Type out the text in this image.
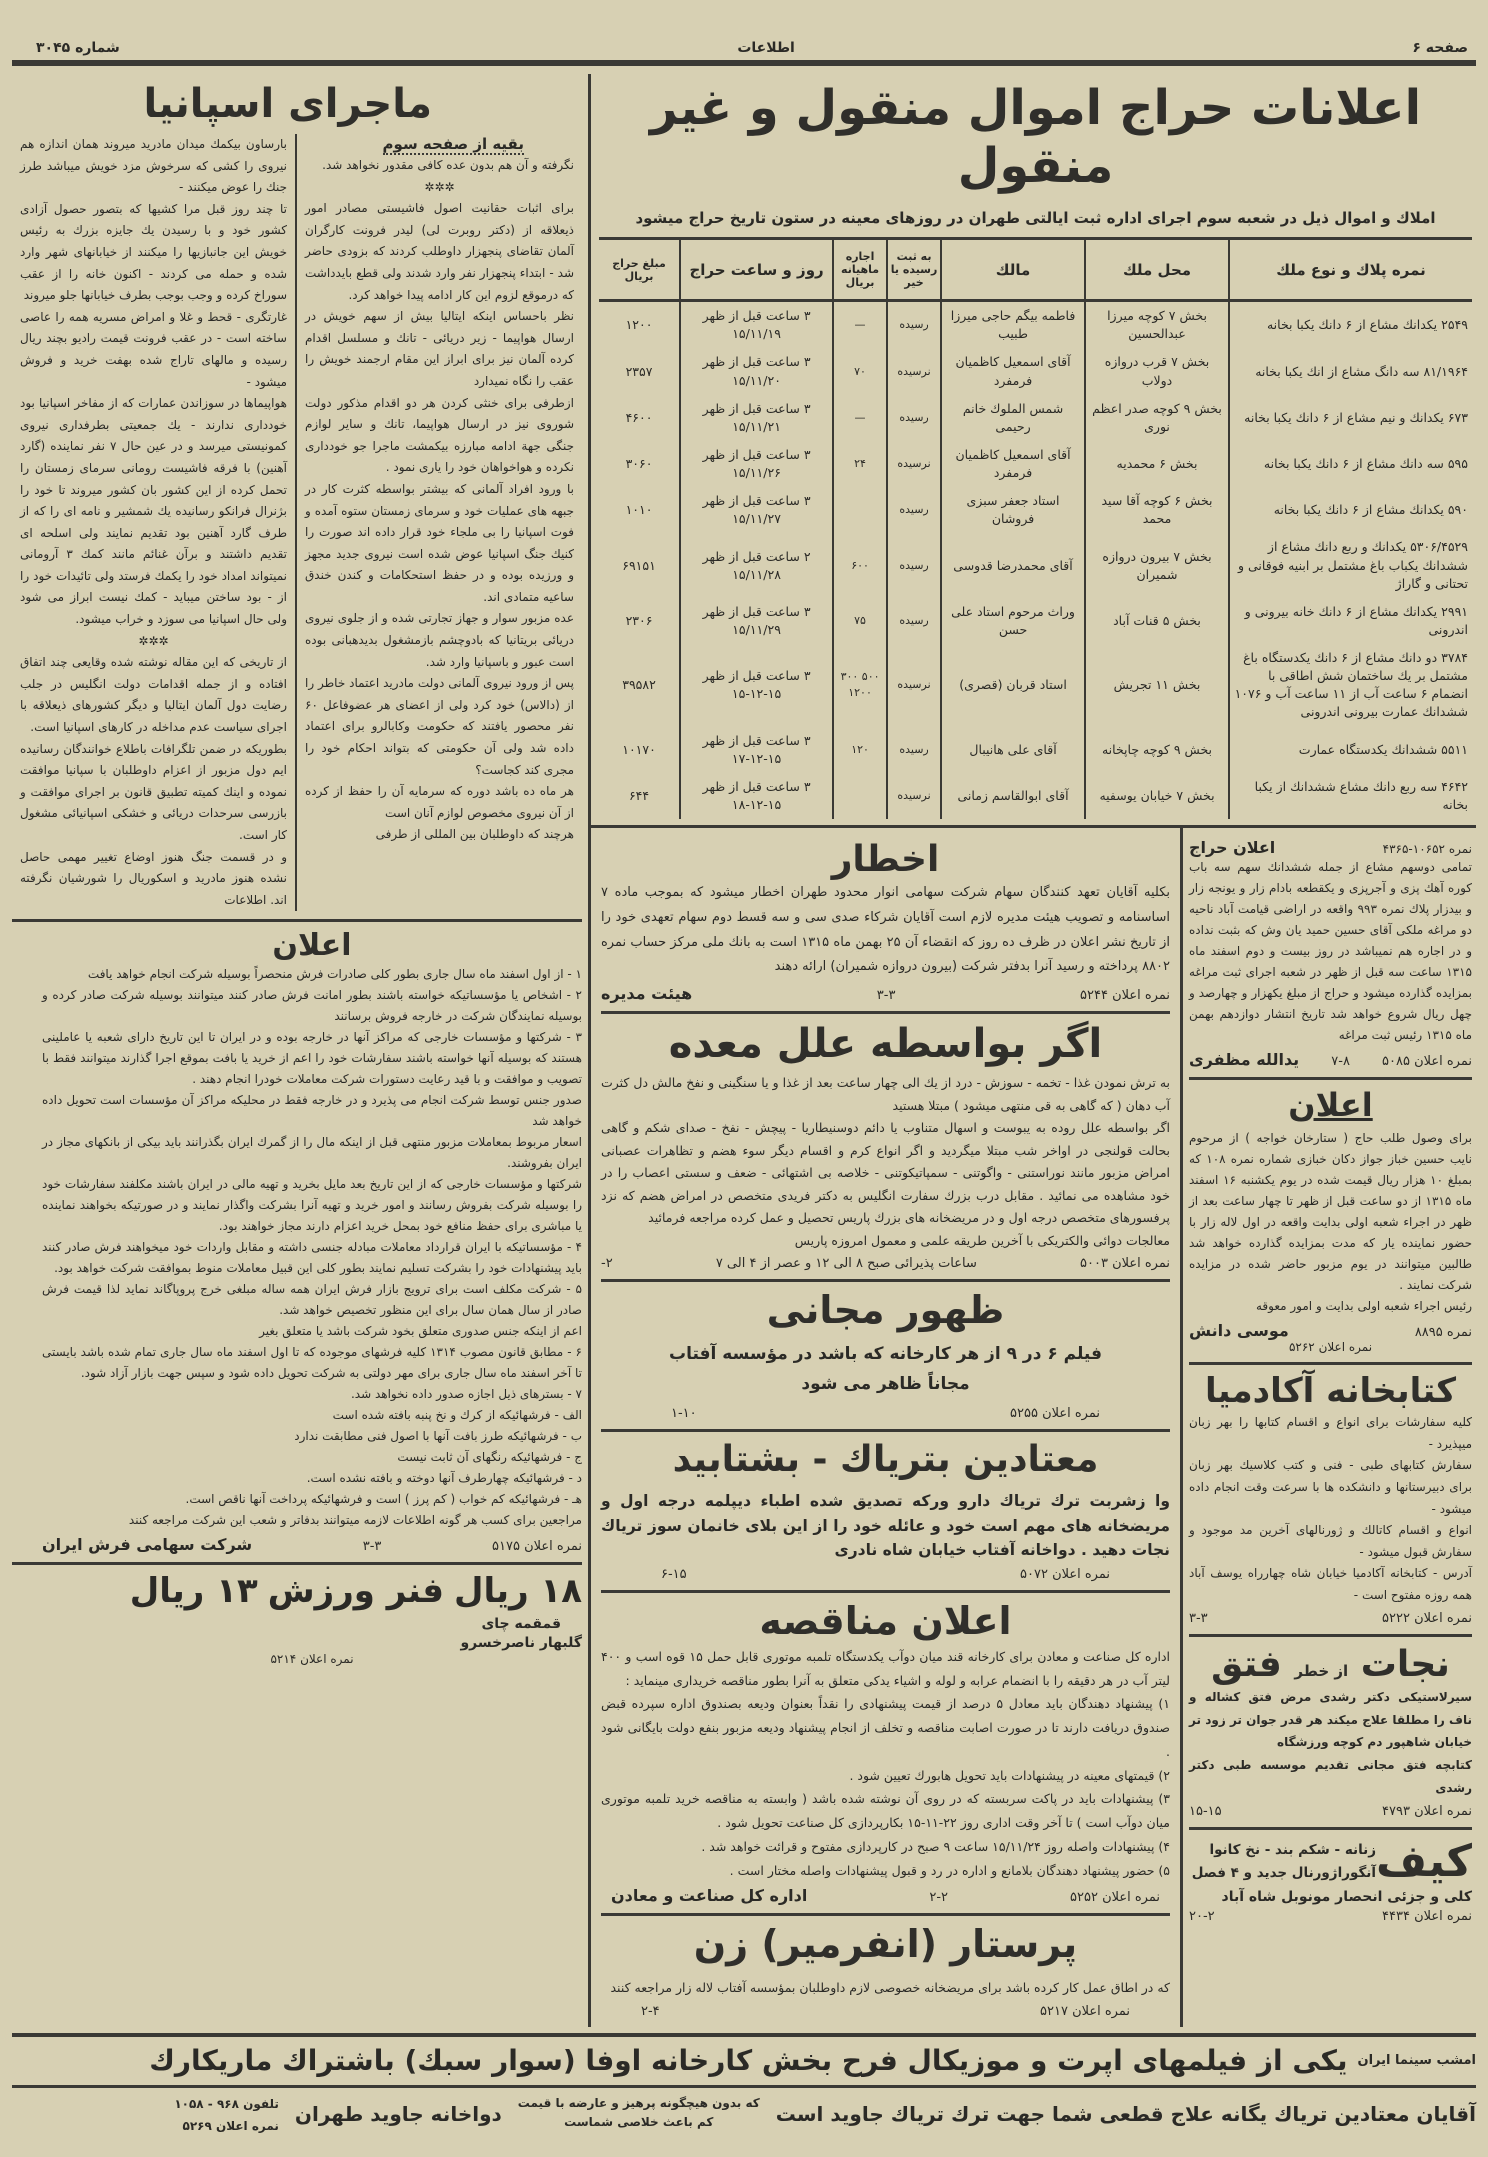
صفحه ۶
اطلاعات
شماره ۳۰۴۵
اعلانات حراج اموال منقول و غیر منقول
املاك و اموال ذیل در شعبه سوم اجرای اداره ثبت ایالتی طهران در روزهای معینه در ستون تاریخ حراج میشود
نمره پلاك و نوع ملك	محل ملك	مالك	به ثبت رسیده یا خیر	اجاره ماهیانه بریال	روز و ساعت حراج	مبلغ حراج بریال
۲۵۴۹ یکدانك مشاع از ۶ دانك یکبا بخانه	بخش ۷ کوچه میرزا عبدالحسین	فاطمه بیگم حاجی میرزا طبیب	رسیده	—	۳ ساعت قبل از ظهر ۱۵/۱۱/۱۹	۱۲۰۰
۸۱/۱۹۶۴ سه دانگ مشاع از انك یکبا بخانه	بخش ۷ قرب دروازه دولاب	آقای اسمعیل کاظمیان فرمفرد	نرسیده	۷۰	۳ ساعت قبل از ظهر ۱۵/۱۱/۲۰	۲۳۵۷
۶۷۳ یکدانك و نیم مشاع از ۶ دانك یکبا بخانه	بخش ۹ کوچه صدر اعظم نوری	شمس الملوك خانم رحیمی	رسیده	—	۳ ساعت قبل از ظهر ۱۵/۱۱/۲۱	۴۶۰۰
۵۹۵ سه دانك مشاع از ۶ دانك یکبا بخانه	بخش ۶ محمدیه	آقای اسمعیل کاظمیان فرمفرد	نرسیده	۲۴	۳ ساعت قبل از ظهر ۱۵/۱۱/۲۶	۳۰۶۰
۵۹۰ یکدانك مشاع از ۶ دانك یکبا بخانه	بخش ۶ کوچه آقا سید محمد	استاد جعفر سبزی فروشان	رسیده		۳ ساعت قبل از ظهر ۱۵/۱۱/۲۷	۱۰۱۰
۵۳۰۶/۴۵۲۹ یکدانك و ربع دانك مشاع از ششدانك یکباب باغ مشتمل بر ابنیه فوقانی و تحتانی و گاراژ	بخش ۷ بیرون دروازه شمیران	آقای محمدرضا قدوسی	رسیده	۶۰۰	۲ ساعت قبل از ظهر ۱۵/۱۱/۲۸	۶۹۱۵۱
۲۹۹۱ یکدانك مشاع از ۶ دانك خانه بیرونی و اندرونی	بخش ۵ قنات آباد	وراث مرحوم استاد علی حسن	رسیده	۷۵	۳ ساعت قبل از ظهر ۱۵/۱۱/۲۹	۲۳۰۶
۳۷۸۴ دو دانك مشاع از ۶ دانك یکدستگاه باغ مشتمل بر یك ساختمان شش اطاقی با انضمام ۶ ساعت آب از ۱۱ ساعت آب و ۱۰۷۶ ششدانك عمارت بیرونی اندرونی	بخش ۱۱ تجریش	استاد قربان (قصری)	نرسیده	۵۰۰ ۳۰۰ ۱۲۰۰	۳ ساعت قبل از ظهر ۱۵-۱۲-۱۵	۳۹۵۸۲
۵۵۱۱ ششدانك یکدستگاه عمارت	بخش ۹ کوچه چاپخانه	آقای علی هانیبال	رسیده	۱۲۰	۳ ساعت قبل از ظهر ۱۵-۱۲-۱۷	۱۰۱۷۰
۴۶۴۲ سه ربع دانك مشاع ششدانك از یکبا بخانه	بخش ۷ خیابان یوسفیه	آقای ابوالقاسم زمانی	نرسیده		۳ ساعت قبل از ظهر ۱۵-۱۲-۱۸	۶۴۴
نمره ۱۰۶۵۲-۴۳۶۵
اعلان حراج

تمامی دوسهم مشاع از جمله ششدانك سهم سه باب کوره آهك پزی و آجرپزی و یکقطعه بادام زار و یونجه زار و بیدزار پلاك نمره ۹۹۳ واقعه در اراضی قیامت آباد ناحیه دو مراغه ملکی آقای حسین حمید یان وش که بثبت نداده و در اجاره هم نمیباشد در روز بیست و دوم اسفند ماه ۱۳۱۵ ساعت سه قبل از ظهر در شعبه اجرای ثبت مراغه بمزایده گذارده میشود و حراج از مبلغ یکهزار و چهارصد و چهل ریال شروع خواهد شد تاریخ انتشار دوازدهم بهمن ماه ۱۳۱۵ رئیس ثبت مراغه

نمره اعلان ۵۰۸۵
۷-۸
یدالله مظفری
اعلان

برای وصول طلب حاج ( ستارخان خواجه ) از مرحوم نایب حسین خباز جواز دکان خبازی شماره نمره ۱۰۸ که بمبلغ ۱۰ هزار ریال قیمت شده در یوم یکشنبه ۱۶ اسفند ماه ۱۳۱۵ از دو ساعت قبل از ظهر تا چهار ساعت بعد از ظهر در اجراء شعبه اولی بدایت واقعه در اول لاله زار با حضور نماینده یار که مدت بمزایده گذارده خواهد شد طالبین میتوانند در یوم مزبور حاضر شده در مزایده شرکت نمایند .

رئیس اجراء شعبه اولی بدایت و امور معوقه

نمره ۸۸۹۵
موسی دانش
نمره اعلان ۵۲۶۲
کتابخانه آکادمیا

کلیه سفارشات برای انواع و اقسام کتابها را بهر زبان میپذیرد -

سفارش کتابهای طبی - فنی و کتب کلاسیك بهر زبان برای دبیرستانها و دانشکده ها با سرعت وقت انجام داده میشود -

انواع و اقسام کاتالك و ژورنالهای آخرین مد موجود و سفارش قبول میشود -

آدرس - کتابخانه آکادمیا خیابان شاه چهارراه یوسف آباد همه روزه مفتوح است -

نمره اعلان ۵۲۲۲
۳-۳
نجات از خطر فتق

سیرلاستیکی دکتر رشدی مرض فتق کشاله و ناف را مطلقا علاج میکند هر قدر جوان تر زود تر خیابان شاهپور دم کوچه ورزشگاه

کتابچه فتق مجانی تقدیم موسسه طبی دکتر رشدی

نمره اعلان ۴۷۹۳
۱۵-۱۵
کیف
زنانه - شکم بند - نخ کانوا
آنگوراژورنال جدید و ۴ فصل
کلی و جزئی انحصار مونوبل شاه آباد
نمره اعلان ۴۴۳۴
۲۰-۲
اخطار

بکلیه آقایان تعهد کنندگان سهام شرکت سهامی انوار محدود طهران اخطار میشود که بموجب ماده ۷ اساسنامه و تصویب هیئت مدیره لازم است آقایان شرکاء صدی سی و سه قسط دوم سهام تعهدی خود را از تاریخ نشر اعلان در ظرف ده روز که انقضاء آن ۲۵ بهمن ماه ۱۳۱۵ است به بانك ملی مرکز حساب نمره ۸۸۰۲ پرداخته و رسید آنرا بدفتر شرکت (بیرون دروازه شمیران) ارائه دهند

نمره اعلان ۵۲۴۴
۳-۳
هیئت مدیره
اگر بواسطه علل معده

به ترش نمودن غذا - تخمه - سوزش - درد از یك الی چهار ساعت بعد از غذا و یا سنگینی و نفخ مالش دل کثرت آب دهان ( که گاهی به قی منتهی میشود ) مبتلا هستید

اگر بواسطه علل روده به یبوست و اسهال متناوب یا دائم دوسنیطاریا - پیچش - نفخ - صدای شکم و گاهی بحالت قولنجی در اواخر شب مبتلا میگردید و اگر انواع کرم و اقسام دیگر سوء هضم و تظاهرات عصبانی امراض مزبور مانند نوراستنی - واگوتنی - سمپاتیکوتنی - خلاصه بی اشتهائی - ضعف و سستی اعصاب را در خود مشاهده می نمائید . مقابل درب بزرك سفارت انگلیس به دکتر فریدی متخصص در امراض هضم که نزد پرفسورهای متخصص درجه اول و در مریضخانه های بزرك پاریس تحصیل و عمل کرده مراجعه فرمائید

معالجات دوائی والکتریکی با آخرین طریقه علمی و معمول امروزه پاریس

نمره اعلان ۵۰۰۳
ساعات پذیرائی صبح ۸ الی ۱۲ و عصر از ۴ الی ۷
۲-
ظهور مجانی
فیلم ۶ در ۹ از هر کارخانه که باشد در مؤسسه آفتاب
مجاناً ظاهر می شود
نمره اعلان ۵۲۵۵
۱-۱۰
معتادین بتریاك - بشتابید

وا زشربت ترك تریاك دارو ورکه تصدیق شده اطباء دیپلمه درجه اول و مریضخانه های مهم است خود و عائله خود را از این بلای خانمان سوز تریاك نجات دهید . دواخانه آفتاب خیابان شاه نادری

نمره اعلان ۵۰۷۲
۶-۱۵
اعلان مناقصه

اداره کل صناعت و معادن برای کارخانه قند میان دوآب یکدستگاه تلمبه موتوری قابل حمل ۱۵ قوه اسب و ۴۰۰ لیتر آب در هر دقیقه را با انضمام عرابه و لوله و اشیاء یدکی متعلق به آنرا بطور مناقصه خریداری مینماید :

۱) پیشنهاد دهندگان باید معادل ۵ درصد از قیمت پیشنهادی را نقداً بعنوان ودیعه بصندوق اداره سپرده قبض صندوق دریافت دارند تا در صورت اصابت مناقصه و تخلف از انجام پیشنهاد ودیعه مزبور بنفع دولت بایگانی شود .

۲) قیمتهای معینه در پیشنهادات باید تحویل هابورك تعیین شود .

۳) پیشنهادات باید در پاکت سربسته که در روی آن نوشته شده باشد ( وابسته به مناقصه خرید تلمبه موتوری میان دوآب است ) تا آخر وقت اداری روز ۲۲-۱۱-۱۵ بکارپردازی کل صناعت تحویل شود .

۴) پیشنهادات واصله روز ۱۵/۱۱/۲۴ ساعت ۹ صبح در کارپردازی مفتوح و قرائت خواهد شد .

۵) حضور پیشنهاد دهندگان بلامانع و اداره در رد و قبول پیشنهادات واصله مختار است .

نمره اعلان ۵۲۵۲
۲-۲
اداره کل صناعت و معادن
پرستار (انفرمیر) زن
که در اطاق عمل کار کرده باشد برای مریضخانه خصوصی لازم داوطلبان بمؤسسه آفتاب لاله زار مراجعه کنند
نمره اعلان ۵۲۱۷
۲-۴
ماجرای اسپانیا
بقیه از صفحه سوم

نگرفته و آن هم بدون عده کافی مقدور نخواهد شد.

✲✲✲

برای اثبات حقانیت اصول فاشیستی مصادر امور ذیعلاقه از (دکتر روبرت لی) لیدر فرونت کارگران آلمان تقاضای پنجهزار داوطلب کردند که بزودی حاضر شد - ابتداء پنجهزار نفر وارد شدند ولی قطع بایدداشت که درموقع لزوم این کار ادامه پیدا خواهد کرد.

نظر باحساس اینکه ایتالیا بیش از سهم خویش در ارسال هواپیما - زیر دریائی - تانك و مسلسل اقدام کرده آلمان نیز برای ابراز این مقام ارجمند خویش را عقب را نگاه نمیدارد

ازطرفی برای خنثی کردن هر دو اقدام مذکور دولت شوروی نیز در ارسال هواپیما، تانك و سایر لوازم جنگی جهة ادامه مبارزه بیکمشت ماجرا جو خودداری نکرده و هواخواهان خود را یاری نمود .

با ورود افراد آلمانی که بیشتر بواسطه کثرت کار در جبهه های عملیات خود و سرمای زمستان ستوه آمده و فوت اسپانیا را بی ملجاء خود قرار داده اند صورت را کنیك جنگ اسپانیا عوض شده است نیروی جدید مجهز و ورزیده بوده و در حفظ استحکامات و کندن خندق ساعیه متمادی اند.

عده مزبور سوار و جهاز تجارتی شده و از جلوی نیروی دریائی بریتانیا که بادوچشم بازمشغول بدیدهبانی بوده است عبور و باسپانیا وارد شد.

پس از ورود نیروی آلمانی دولت مادرید اعتماد خاطر را از (دالاس) خود کرد ولی از اعضای هر عضوفاعل ۶۰ نفر محصور یافتند که حکومت وکابالرو برای اعتماد داده شد ولی آن حکومتی که بتواند احکام خود را مجری کند کجاست؟

هر ماه ده باشد دوره که سرمایه آن را حفظ از کرده از آن نیروی مخصوص لوازم آنان است

هرچند که داوطلبان بین المللی از طرفی

بارساون بیکمك میدان مادرید میروند همان اندازه هم نیروی را کشی که سرخوش مزد خویش میباشد طرز جنك را عوض میکنند -

تا چند روز قبل مرا کشیها که بتصور حصول آزادی کشور خود و با رسیدن یك جایزه بزرك به رئیس خویش این جانبازیها را میکنند از خیابانهای شهر وارد شده و حمله می کردند - اکنون خانه را از عقب سوراخ کرده و وجب بوجب بطرف خیابانها جلو میروند

غارتگری - قحط و غلا و امراض مسریه همه را عاصی ساخته است - در عقب فرونت قیمت رادیو بچند ریال رسیده و مالهای تاراج شده بهفت خرید و فروش میشود -

هواپیماها در سوزاندن عمارات که از مفاخر اسپانیا بود خودداری ندارند - یك جمعیتی بطرفداری نیروی کمونیستی میرسد و در عین حال ۷ نفر نماینده (گارد آهنین) با فرقه فاشیست رومانی سرمای زمستان را تحمل کرده از این کشور بان کشور میروند تا خود را بژنرال فرانکو رسانیده یك شمشیر و نامه ای را که از طرف گارد آهنین بود تقدیم نمایند ولی اسلحه ای تقدیم داشتند و برآن غنائم مانند کمك ۳ آرومانی نمیتواند امداد خود را یکمك فرستد ولی تائیدات خود را از - بود ساختن میباید - کمك نیست ابراز می شود ولی حال اسپانیا می سوزد و خراب میشود.

✲✲✲

از تاریخی که این مقاله نوشته شده وقایعی چند اتفاق افتاده و از جمله اقدامات دولت انگلیس در جلب رضایت دول آلمان ایتالیا و دیگر کشورهای ذیعلاقه با اجرای سیاست عدم مداخله در کارهای اسپانیا است.

بطوریکه در ضمن تلگرافات باطلاع خوانندگان رسانیده ایم دول مزبور از اعزام داوطلبان با سپانیا موافقت نموده و اینك کمیته تطبیق قانون بر اجرای موافقت و بازرسی سرحدات دریائی و خشکی اسپانیائی مشغول کار است.

و در قسمت جنگ هنوز اوضاع تغییر مهمی حاصل نشده هنوز مادرید و اسکوریال را شورشیان نگرفته اند. اطلاعات

اعلان

۱ - از اول اسفند ماه سال جاری بطور کلی صادرات فرش منحصراً بوسیله شرکت انجام خواهد یافت

۲ - اشخاص یا مؤسساتیکه خواسته باشند بطور امانت فرش صادر کنند میتوانند بوسیله شرکت صادر کرده و بوسیله نمایندگان شرکت در خارجه فروش برسانند

۳ - شرکتها و مؤسسات خارجی که مراکز آنها در خارجه بوده و در ایران تا این تاریخ دارای شعبه یا عاملینی هستند که بوسیله آنها خواسته باشند سفارشات خود را اعم از خرید یا بافت بموقع اجرا گذارند میتوانند فقط با تصویب و موافقت و با قید رعایت دستورات شرکت معاملات خودرا انجام دهند .

صدور جنس توسط شرکت انجام می پذیرد و در خارجه فقط در محلیکه مراکز آن مؤسسات است تحویل داده خواهد شد

اسعار مربوط بمعاملات مزبور منتهی قبل از اینکه مال را از گمرك ایران بگذرانند باید بیکی از بانکهای مجاز در ایران بفروشند.

شرکتها و مؤسسات خارجی که از این تاریخ بعد مایل بخرید و تهیه مالی در ایران باشند مکلفند سفارشات خود را بوسیله شرکت بفروش رسانند و امور خرید و تهیه آنرا بشرکت واگذار نمایند و در صورتیکه بخواهند نماینده یا مباشری برای حفظ منافع خود بمحل خرید اعزام دارند مجاز خواهند بود.

۴ - مؤسساتیکه با ایران قرارداد معاملات مبادله جنسی داشته و مقابل واردات خود میخواهند فرش صادر کنند باید پیشنهادات خود را بشرکت تسلیم نمایند بطور کلی این قبیل معاملات منوط بموافقت شرکت خواهد بود.

۵ - شرکت مکلف است برای ترویج بازار فرش ایران همه ساله مبلغی خرج پروپاگاند نماید لذا قیمت فرش صادر از سال همان سال برای این منظور تخصیص خواهد شد.

اعم از اینکه جنس صدوری متعلق بخود شرکت باشد یا متعلق بغیر

۶ - مطابق قانون مصوب ۱۳۱۴ کلیه فرشهای موجوده که تا اول اسفند ماه سال جاری تمام شده باشد بایستی تا آخر اسفند ماه سال جاری برای مهر دولتی به شرکت تحویل داده شود و سپس جهت بازار آزاد شود.

۷ - بسترهای ذیل اجازه صدور داده نخواهد شد.

الف - فرشهائیکه از کرك و نخ پنبه بافته شده است

ب - فرشهائیکه طرز بافت آنها با اصول فنی مطابقت ندارد

ج - فرشهائیکه رنگهای آن ثابت نیست

د - فرشهائیکه چهارطرف آنها دوخته و بافته نشده است.

هـ - فرشهائیکه کم خواب ( کم پرز ) است و فرشهائیکه پرداخت آنها ناقص است.

مراجعین برای کسب هر گونه اطلاعات لازمه میتوانند بدفاتر و شعب این شرکت مراجعه کنند

نمره اعلان ۵۱۷۵
۳-۳
شرکت سهامی فرش ایران
۱۸ ریال
فنر ورزش
۱۳ ریال
قمقمه چای
گلبهار ناصرخسرو
نمره اعلان ۵۲۱۴
امشب سینما ایران
یکی از فیلمهای اپرت و موزیکال فرح بخش کارخانه اوفا (سوار سبك) باشتراك ماریکارك
آقایان معتادین تریاك یگانه علاج قطعی شما جهت ترك تریاك جاوید است
که بدون هیچگونه پرهیز و عارضه با قیمت
کم باعث خلاصی شماست
دواخانه جاوید طهران
تلفون ۹۶۸ - ۱۰۵۸
نمره اعلان ۵۲۶۹
